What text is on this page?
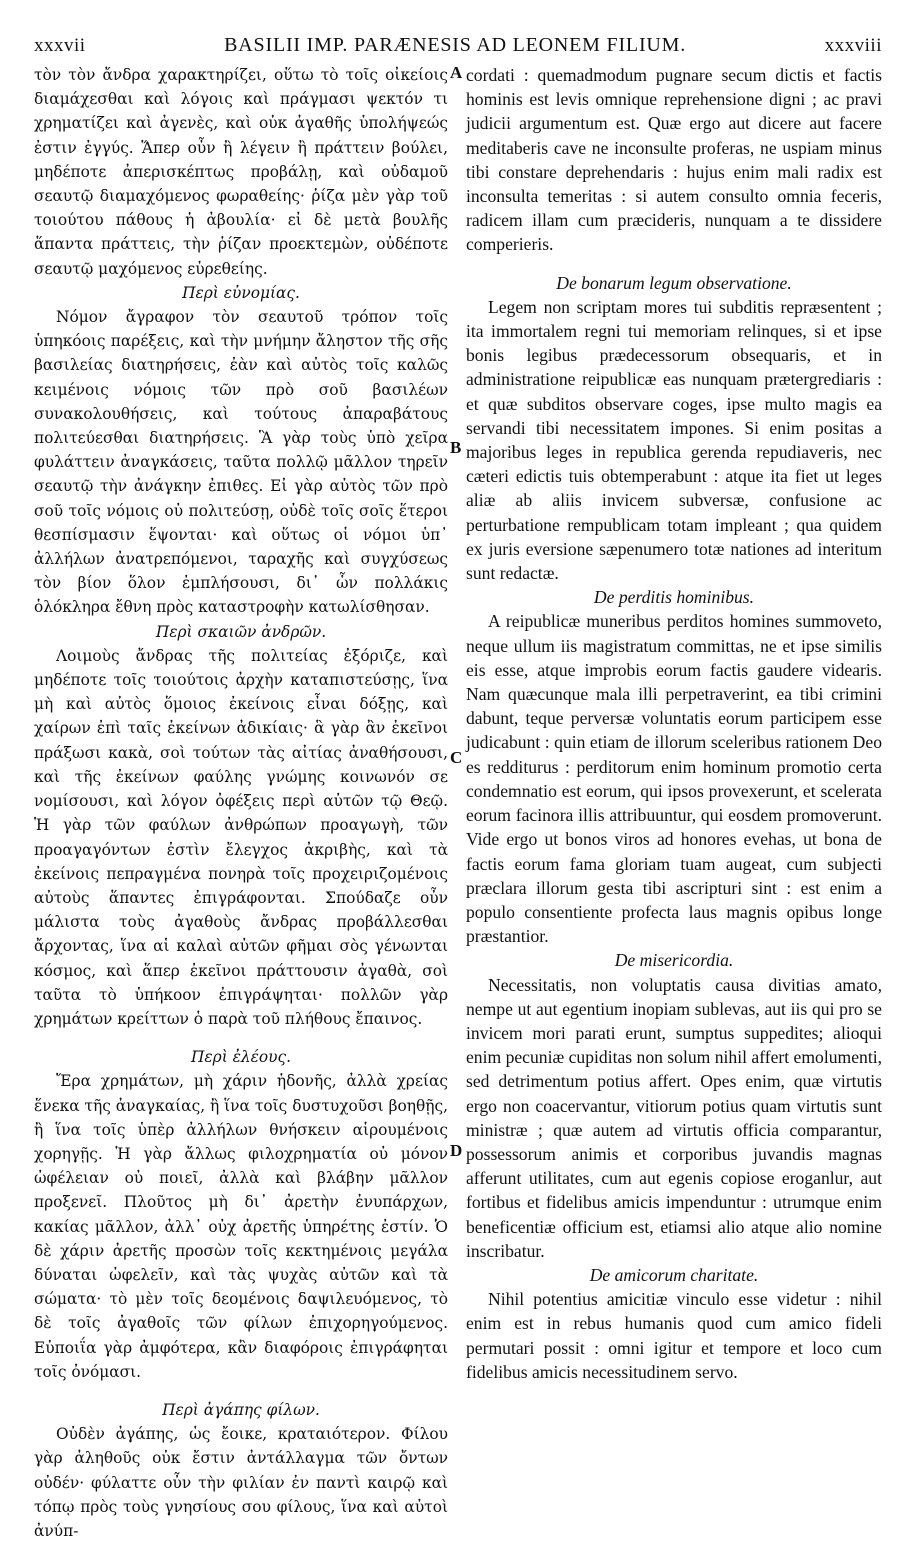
xxxvii	BASILII IMP. PARÆNESIS AD LEONEM FILIUM.	xxxviii

τὸν τὸν ἄνδρα χαρακτηρίζει, οὕτω τὸ τοῖς οἰκείοις διαμάχεσθαι καὶ λόγοις καὶ πράγμασι ψεκτόν τι χρηματίζει καὶ ἀγενὲς, καὶ οὐκ ἀγαθῆς ὑπολήψεώς ἐστιν ἐγγύς. Ἅπερ οὖν ἢ λέγειν ἢ πράττειν βούλει, μηδέποτε ἀπερισκέπτως προβάλῃ, καὶ οὐδαμοῦ σεαυτῷ διαμαχόμενος φωραθείης· ῥίζα μὲν γὰρ τοῦ τοιούτου πάθους ἡ ἀβουλία· εἰ δὲ μετὰ βουλῆς ἅπαντα πράττεις, τὴν ῥίζαν προεκτεμὼν, οὐδέποτε σεαυτῷ μαχόμενος εὑρεθείης.

Περὶ εὐνομίας.

Νόμον ἄγραφον τὸν σεαυτοῦ τρόπον τοῖς ὑπηκόοις παρέξεις, καὶ τὴν μνήμην ἄληστον τῆς σῆς βασιλείας διατηρήσεις, ἐὰν καὶ αὐτὸς τοῖς καλῶς κειμένοις νόμοις τῶν πρὸ σοῦ βασιλέων συνακολουθήσεις, καὶ τούτους ἀπαραβάτους πολιτεύεσθαι διατηρήσεις. Ἃ γὰρ τοὺς ὑπὸ χεῖρα φυλάττειν ἀναγκάσεις, ταῦτα πολλῷ μᾶλλον τηρεῖν σεαυτῷ τὴν ἀνάγκην ἐπιθες. Εἰ γὰρ αὐτὸς τῶν πρὸ σοῦ τοῖς νόμοις οὐ πολιτεύσῃ, οὐδὲ τοῖς σοῖς ἕτεροι θεσπίσμασιν ἕψονται· καὶ οὕτως οἱ νόμοι ὑπ᾽ ἀλλήλων ἀνατρεπόμενοι, ταραχῆς καὶ συγχύσεως τὸν βίον ὅλον ἐμπλήσουσι, δι᾽ ὧν πολλάκις ὁλόκληρα ἔθνη πρὸς καταστροφὴν κατωλίσθησαν.

Περὶ σκαιῶν ἀνδρῶν.

Λοιμοὺς ἄνδρας τῆς πολιτείας ἐξόριζε, καὶ μηδέποτε τοῖς τοιούτοις ἀρχὴν καταπιστεύσῃς, ἵνα μὴ καὶ αὐτὸς ὅμοιος ἐκείνοις εἶναι δόξῃς, καὶ χαίρων ἐπὶ ταῖς ἐκείνων ἀδικίαις· ἃ γὰρ ἂν ἐκεῖνοι πράξωσι κακὰ, σοὶ τούτων τὰς αἰτίας ἀναθήσουσι, καὶ τῆς ἐκείνων φαύλης γνώμης κοινωνόν σε νομίσουσι, καὶ λόγον ὀφέξεις περὶ αὐτῶν τῷ Θεῷ. Ἡ γὰρ τῶν φαύλων ἀνθρώπων προαγωγὴ, τῶν προαγαγόντων ἐστὶν ἔλεγχος ἀκριβὴς, καὶ τὰ ἐκείνοις πεπραγμένα πονηρὰ τοῖς προχειριζομένοις αὐτοὺς ἅπαντες ἐπιγράφονται. Σπούδαζε οὖν μάλιστα τοὺς ἀγαθοὺς ἄνδρας προβάλλεσθαι ἄρχοντας, ἵνα αἱ καλαὶ αὐτῶν φῆμαι σὸς γένωνται κόσμος, καὶ ἅπερ ἐκεῖνοι πράττουσιν ἀγαθὰ, σοὶ ταῦτα τὸ ὑπήκοον ἐπιγράψηται· πολλῶν γὰρ χρημάτων κρείττων ὁ παρὰ τοῦ πλήθους ἔπαινος.

Περὶ ἐλέους.

Ἔρα χρημάτων, μὴ χάριν ἡδονῆς, ἀλλὰ χρείας ἕνεκα τῆς ἀναγκαίας, ἢ ἵνα τοῖς δυστυχοῦσι βοηθῇς, ἢ ἵνα τοῖς ὑπὲρ ἀλλήλων θνήσκειν αἱρουμένοις χορηγῇς. Ἡ γὰρ ἄλλως φιλοχρηματία οὐ μόνον ὠφέλειαν οὐ ποιεῖ, ἀλλὰ καὶ βλάβην μᾶλλον προξενεῖ. Πλοῦτος μὴ δι᾽ ἀρετὴν ἐνυπάρχων, κακίας μᾶλλον, ἀλλ᾽ οὐχ ἀρετῆς ὑπηρέτης ἐστίν. Ὁ δὲ χάριν ἀρετῆς προσὼν τοῖς κεκτημένοις μεγάλα δύναται ὠφελεῖν, καὶ τὰς ψυχὰς αὐτῶν καὶ τὰ σώματα· τὸ μὲν τοῖς δεομένοις δαψιλευόμενος, τὸ δὲ τοῖς ἀγαθοῖς τῶν φίλων ἐπιχορηγούμενος. Εὐποιΐα γὰρ ἀμφότερα, κἂν διαφόροις ἐπιγράφηται τοῖς ὀνόμασι.

Περὶ ἀγάπης φίλων.

Οὐδὲν ἀγάπης, ὡς ἔοικε, κραταιότερον. Φίλου γὰρ ἀληθοῦς οὐκ ἔστιν ἀντάλλαγμα τῶν ὄντων οὐδέν· φύλαττε οὖν τὴν φιλίαν ἐν παντὶ καιρῷ καὶ τόπῳ πρὸς τοὺς γνησίους σου φίλους, ἵνα καὶ αὐτοὶ ἀνύπ-

A
B
C
D

cordati : quemadmodum pugnare secum dictis et factis hominis est levis omnique reprehensione digni ; ac pravi judicii argumentum est. Quæ ergo aut dicere aut facere meditaberis cave ne inconsulte proferas, ne uspiam minus tibi constare deprehendaris : hujus enim mali radix est inconsulta temeritas : si autem consulto omnia feceris, radicem illam cum præcideris, nunquam a te dissidere comperieris.

De bonarum legum observatione.

Legem non scriptam mores tui subditis repræsentent ; ita immortalem regni tui memoriam relinques, si et ipse bonis legibus prædecessorum obsequaris, et in administratione reipublicæ eas nunquam prætergrediaris : et quæ subditos observare coges, ipse multo magis ea servandi tibi necessitatem impones. Si enim positas a majoribus leges in republica gerenda repudiaveris, nec cæteri edictis tuis obtemperabunt : atque ita fiet ut leges aliæ ab aliis invicem subversæ, confusione ac perturbatione rempublicam totam impleant ; qua quidem ex juris eversione sæpenumero totæ nationes ad interitum sunt redactæ.

De perditis hominibus.

A reipublicæ muneribus perditos homines summoveto, neque ullum iis magistratum committas, ne et ipse similis eis esse, atque improbis eorum factis gaudere videaris. Nam quæcunque mala illi perpetraverint, ea tibi crimini dabunt, teque perversæ voluntatis eorum participem esse judicabunt : quin etiam de illorum sceleribus rationem Deo es redditurus : perditorum enim hominum promotio certa condemnatio est eorum, qui ipsos provexerunt, et scelerata eorum facinora illis attribuuntur, qui eosdem promoverunt. Vide ergo ut bonos viros ad honores evehas, ut bona de factis eorum fama gloriam tuam augeat, cum subjecti præclara illorum gesta tibi ascripturi sint : est enim a populo consentiente profecta laus magnis opibus longe præstantior.

De misericordia.

Necessitatis, non voluptatis causa divitias amato, nempe ut aut egentium inopiam sublevas, aut iis qui pro se invicem mori parati erunt, sumptus suppedites; alioqui enim pecuniæ cupiditas non solum nihil affert emolumenti, sed detrimentum potius affert. Opes enim, quæ virtutis ergo non coacervantur, vitiorum potius quam virtutis sunt ministræ ; quæ autem ad virtutis officia comparantur, possessorum animis et corporibus juvandis magnas afferunt utilitates, cum aut egenis copiose eroganlur, aut fortibus et fidelibus amicis impenduntur : utrumque enim beneficentiæ officium est, etiamsi alio atque alio nomine inscribatur.

De amicorum charitate.

Nihil potentius amicitiæ vinculo esse videtur : nihil enim est in rebus humanis quod cum amico fideli permutari possit : omni igitur et tempore et loco cum fidelibus amicis necessitudinem servo.
